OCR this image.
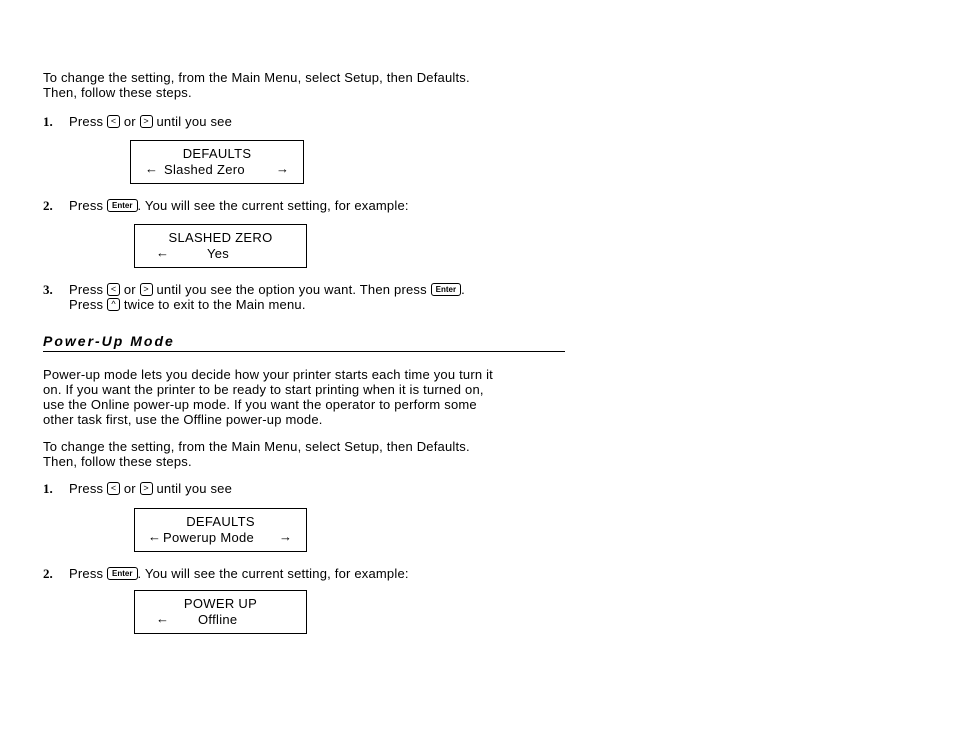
To change the setting, from the Main Menu, select Setup, then Defaults.
Then, follow these steps.
1. Press < or > until you see
DEFAULTS
← Slashed Zero →
2. Press Enter . You will see the current setting, for example:
SLASHED ZERO
←	Yes
3. Press < or > until you see the option you want. Then press Enter .
Press ^ twice to exit to the Main menu.
Power-Up Mode
Power-up mode lets you decide how your printer starts each time you turn it
on. If you want the printer to be ready to start printing when it is turned on,
use the Online power-up mode. If you want the operator to perform some
other task first, use the Offline power-up mode.
To change the setting, from the Main Menu, select Setup, then Defaults.
Then, follow these steps.
1. Press < or > until you see
DEFAULTS
← Powerup Mode →
2. Press Enter . You will see the current setting, for example:
POWER UP
← Offline
